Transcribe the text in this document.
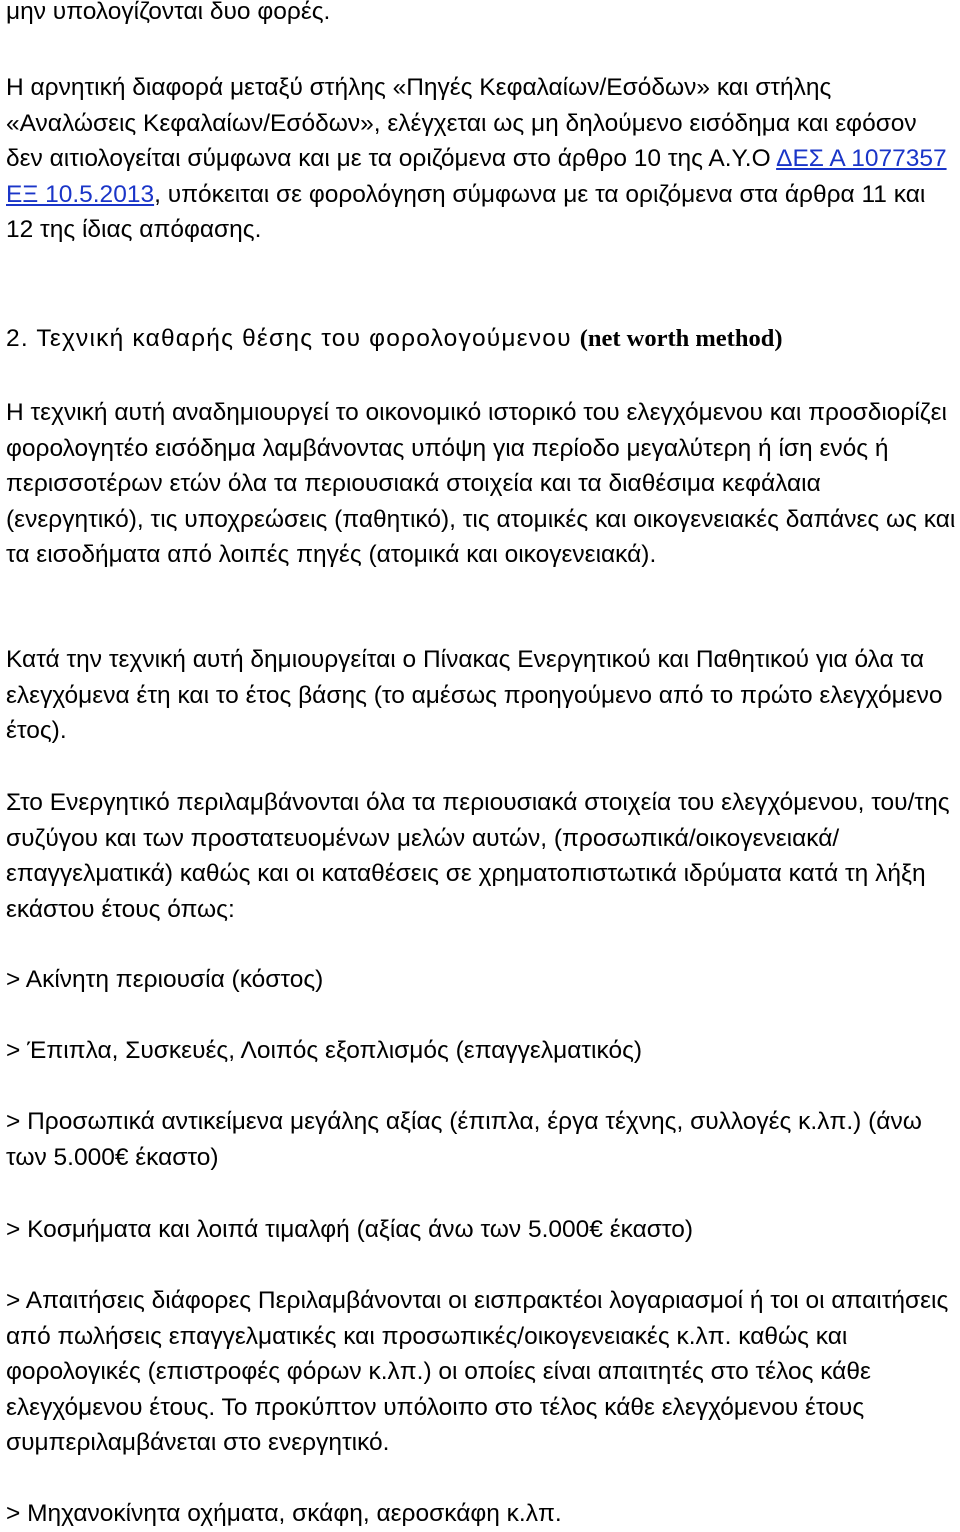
μην υπολογίζονται δυο φορές.

Η αρνητική διαφορά μεταξύ στήλης «Πηγές Κεφαλαίων/Εσόδων» και στήλης «Αναλώσεις Κεφαλαίων/Εσόδων», ελέγχεται ως μη δηλούμενο εισόδημα και εφόσον δεν αιτιολογείται σύμφωνα και με τα οριζόμενα στο άρθρο 10 της Α.Υ.Ο ΔΕΣ Α 1077357 ΕΞ 10.5.2013, υπόκειται σε φορολόγηση σύμφωνα με τα οριζόμενα στα άρθρα 11 και 12 της ίδιας απόφασης.

2. Τεχνική καθαρής θέσης του φορολογούμενου (net worth method)

Η τεχνική αυτή αναδημιουργεί το οικονομικό ιστορικό του ελεγχόμενου και προσδιορίζει φορολογητέο εισόδημα λαμβάνοντας υπόψη για περίοδο μεγαλύτερη ή ίση ενός ή περισσοτέρων ετών όλα τα περιουσιακά στοιχεία και τα διαθέσιμα κεφάλαια (ενεργητικό), τις υποχρεώσεις (παθητικό), τις ατομικές και οικογενειακές δαπάνες ως και τα εισοδήματα από λοιπές πηγές (ατομικά και οικογενειακά).

Κατά την τεχνική αυτή δημιουργείται ο Πίνακας Ενεργητικού και Παθητικού για όλα τα ελεγχόμενα έτη και το έτος βάσης (το αμέσως προηγούμενο από το πρώτο ελεγχόμενο έτος).

Στο Ενεργητικό περιλαμβάνονται όλα τα περιουσιακά στοιχεία του ελεγχόμενου, του/της συζύγου και των προστατευομένων μελών αυτών, (προσωπικά/οικογενειακά/επαγγελματικά) καθώς και οι καταθέσεις σε χρηματοπιστωτικά ιδρύματα κατά τη λήξη εκάστου έτους όπως:

> Ακίνητη περιουσία (κόστος)

> Έπιπλα, Συσκευές, Λοιπός εξοπλισμός (επαγγελματικός)

> Προσωπικά αντικείμενα μεγάλης αξίας (έπιπλα, έργα τέχνης, συλλογές κ.λπ.) (άνω των 5.000€ έκαστο)

> Κοσμήματα και λοιπά τιμαλφή (αξίας άνω των 5.000€ έκαστο)

> Απαιτήσεις διάφορες Περιλαμβάνονται οι εισπρακτέοι λογαριασμοί ή τοι οι απαιτήσεις από πωλήσεις επαγγελματικές και προσωπικές/οικογενειακές κ.λπ. καθώς και φορολογικές (επιστροφές φόρων κ.λπ.) οι οποίες είναι απαιτητές στο τέλος κάθε ελεγχόμενου έτους. Το προκύπτον υπόλοιπο στο τέλος κάθε ελεγχόμενου έτους συμπεριλαμβάνεται στο ενεργητικό.

> Μηχανοκίνητα οχήματα, σκάφη, αεροσκάφη κ.λπ.
